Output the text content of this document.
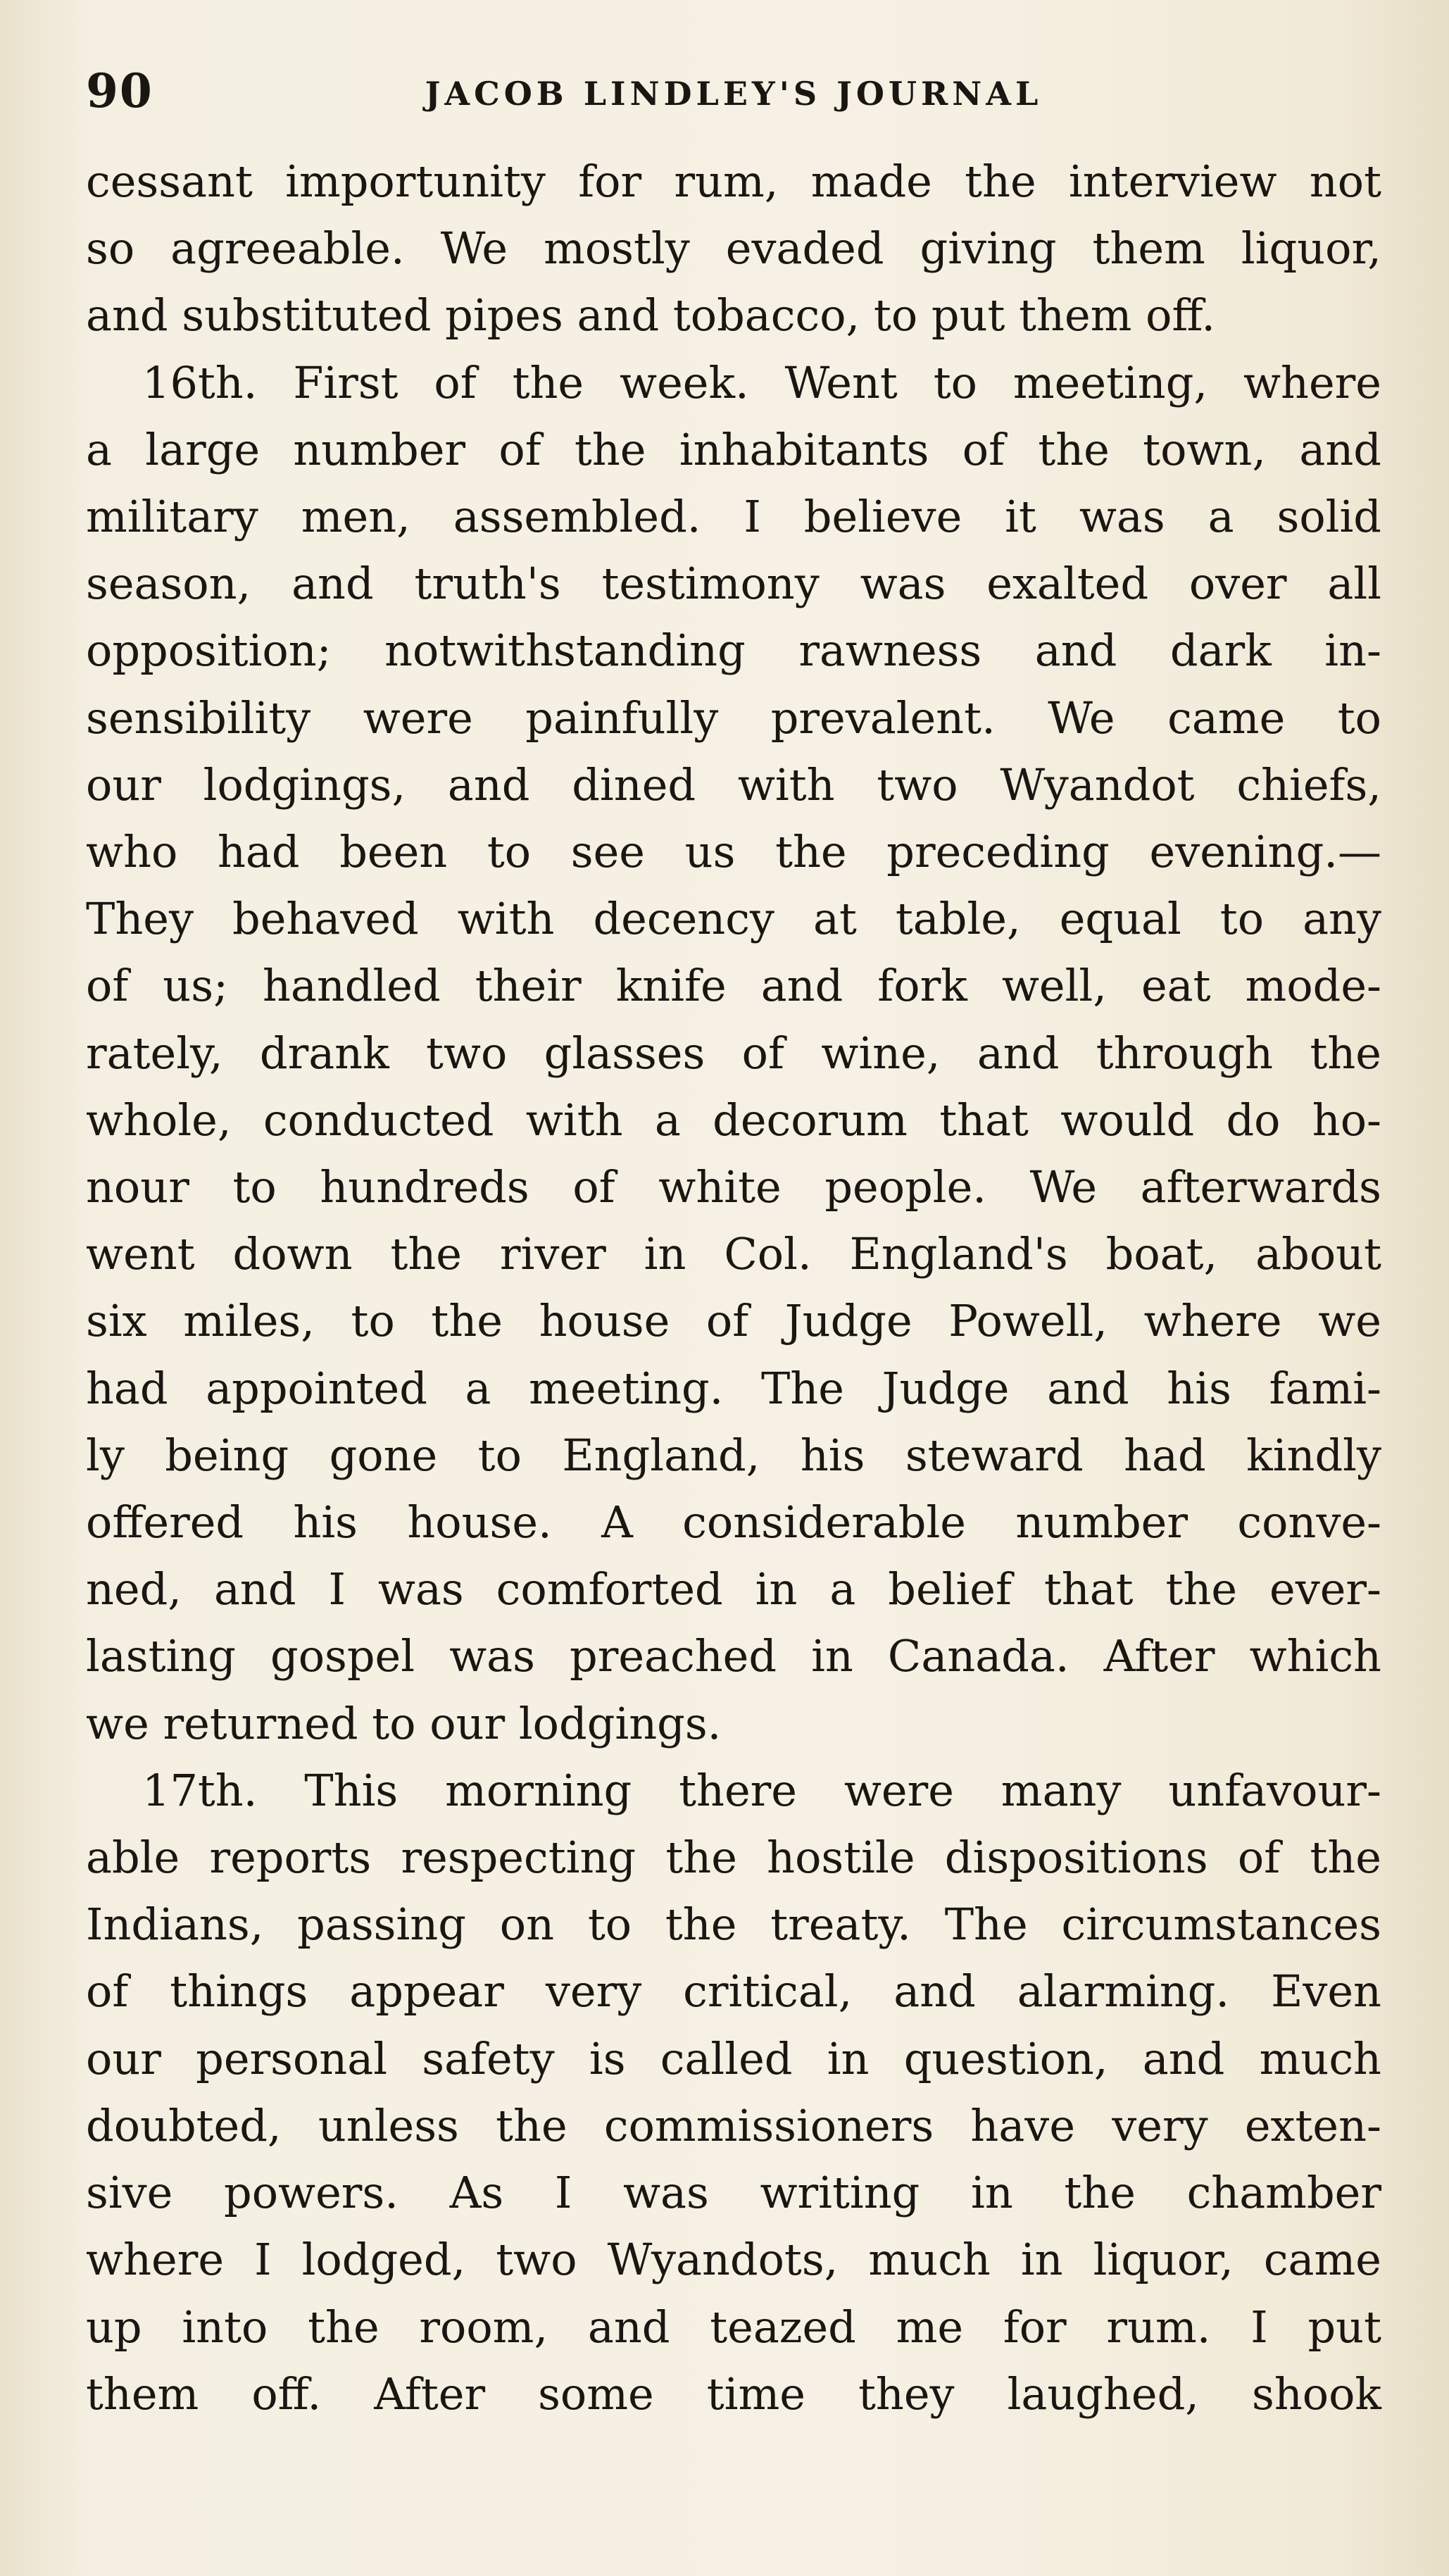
90	JACOB LINDLEY'S JOURNAL
cessant importunity for rum, made the interview not
so agreeable. We mostly evaded giving them liquor,
and substituted pipes and tobacco, to put them off.
16th. First of the week. Went to meeting, where
a large number of the inhabitants of the town, and
military men, assembled. I believe it was a solid
season, and truth's testimony was exalted over all
opposition; notwithstanding rawness and dark in-
sensibility were painfully prevalent. We came to
our lodgings, and dined with two Wyandot chiefs,
who had been to see us the preceding evening.—
They behaved with decency at table, equal to any
of us; handled their knife and fork well, eat mode-
rately, drank two glasses of wine, and through the
whole, conducted with a decorum that would do ho-
nour to hundreds of white people. We afterwards
went down the river in Col. England's boat, about
six miles, to the house of Judge Powell, where we
had appointed a meeting. The Judge and his fami-
ly being gone to England, his steward had kindly
offered his house. A considerable number conve-
ned, and I was comforted in a belief that the ever-
lasting gospel was preached in Canada. After which
we returned to our lodgings.
17th. This morning there were many unfavour-
able reports respecting the hostile dispositions of the
Indians, passing on to the treaty. The circumstances
of things appear very critical, and alarming. Even
our personal safety is called in question, and much
doubted, unless the commissioners have very exten-
sive powers. As I was writing in the chamber
where I lodged, two Wyandots, much in liquor, came
up into the room, and teazed me for rum. I put
them off. After some time they laughed, shook
